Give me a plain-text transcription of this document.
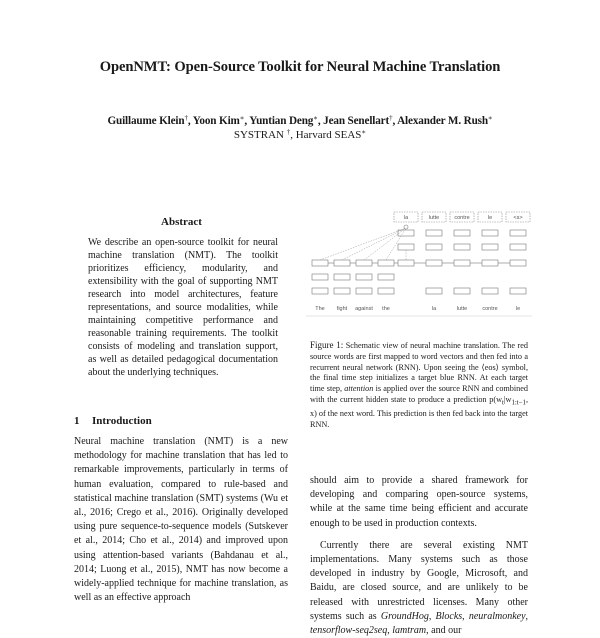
OpenNMT: Open-Source Toolkit for Neural Machine Translation
Guillaume Klein†, Yoon Kim∗, Yuntian Deng∗, Jean Senellart†, Alexander M. Rush∗
SYSTRAN †, Harvard SEAS∗
Abstract

We describe an open-source toolkit for neural machine translation (NMT). The toolkit prioritizes efficiency, modularity, and extensibility with the goal of supporting NMT research into model architectures, feature representations, and source modalities, while maintaining competitive performance and reasonable training requirements. The toolkit consists of modeling and translation support, as well as detailed pedagogical documentation about the underlying techniques.

1 Introduction

Neural machine translation (NMT) is a new methodology for machine translation that has led to remarkable improvements, particularly in terms of human evaluation, compared to rule-based and statistical machine translation (SMT) systems (Wu et al., 2016; Crego et al., 2016). Originally developed using pure sequence-to-sequence models (Sutskever et al., 2014; Cho et al., 2014) and improved upon using attention-based variants (Bahdanau et al., 2014; Luong et al., 2015), NMT has now become a widely-applied technique for machine translation, as well as an effective approach

la	lutte	contre	le	<s>
The fight against the	la	lutte	contre	le

Figure 1: Schematic view of neural machine translation. The red source words are first mapped to word vectors and then fed into a recurrent neural network (RNN). Upon seeing the ⟨eos⟩ symbol, the final time step initializes a target blue RNN. At each target time step, attention is applied over the source RNN and combined with the current hidden state to produce a prediction $p(w_t|w_{1:t-1}$, x) of the next word. This prediction is then fed back into the target RNN.

should aim to provide a shared framework for developing and comparing open-source systems, while at the same time being efficient and accurate enough to be used in production contexts.

Currently there are several existing NMT implementations. Many systems such as those developed in industry by Google, Microsoft, and Baidu, are closed source, and are unlikely to be released with unrestricted licenses. Many other systems such as GroundHog, Blocks, neuralmonkey, tensorflow-seq2seq, lamtram, and our
